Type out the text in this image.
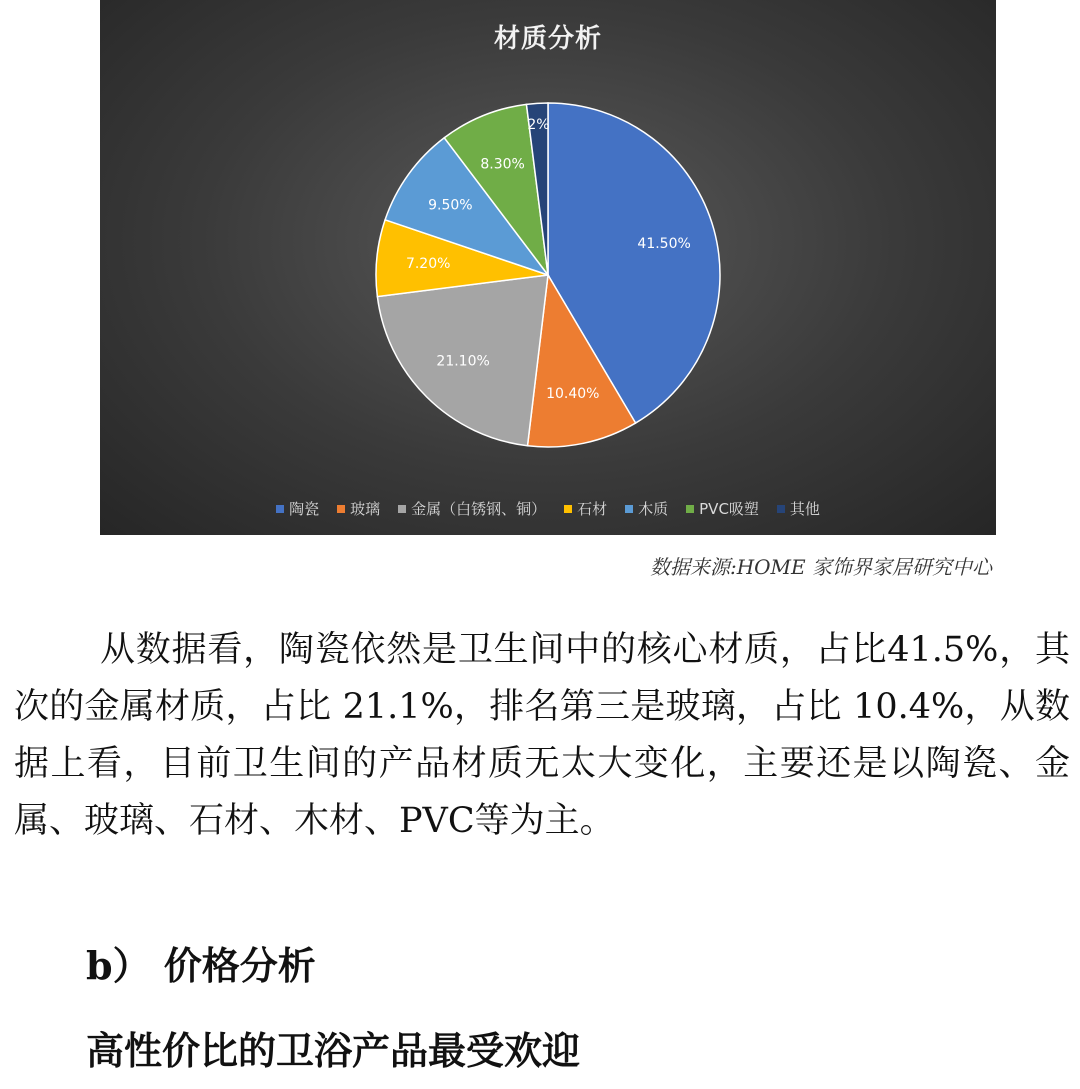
材质分析
41.50%
10.40%
21.10%
7.20%
9.50%
8.30%
2%
陶瓷 玻璃 金属（白锈钢、铜） 石材 木质 PVC吸塑 其他
数据来源:HOME 家饰界家居研究中心

从数据看，陶瓷依然是卫生间中的核心材质，占比41.5%，其次的金属材质，占比 21.1%，排名第三是玻璃，占比 10.4%，从数据上看，目前卫生间的产品材质无太大变化，主要还是以陶瓷、金属、玻璃、石材、木材、PVC等为主。

b） 价格分析
高性价比的卫浴产品最受欢迎
